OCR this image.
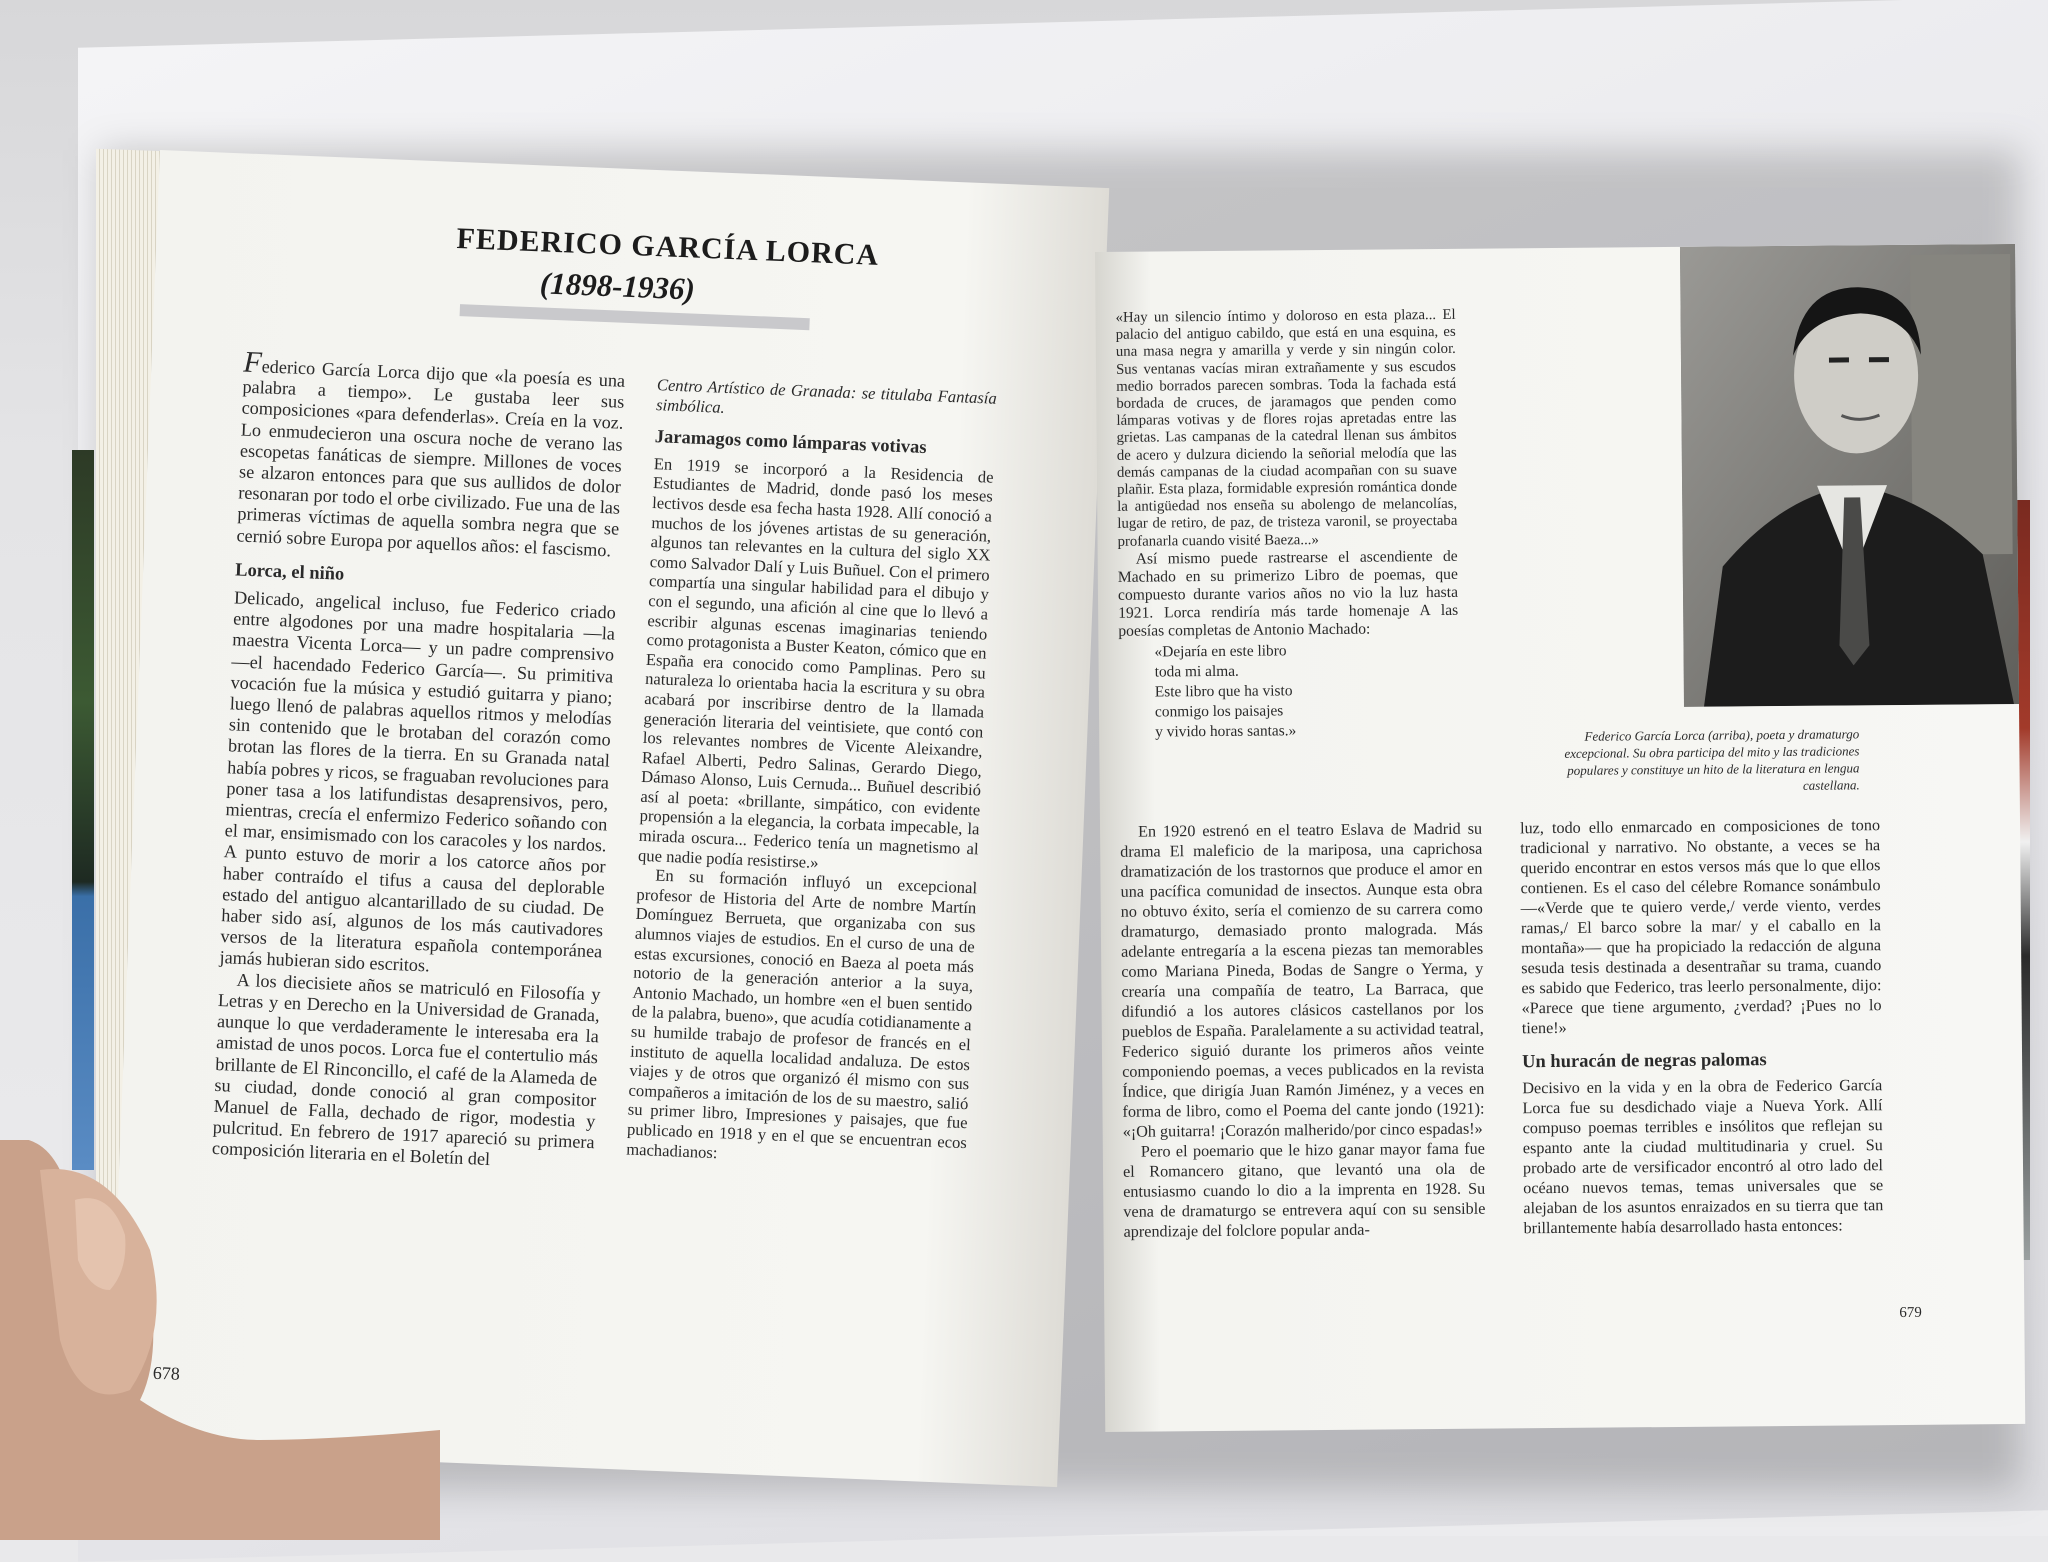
FEDERICO GARCÍA LORCA
(1898-1936)

Federico García Lorca dijo que «la poesía es una palabra a tiempo». Le gustaba leer sus composiciones «para defenderlas». Creía en la voz. Lo enmudecieron una oscura noche de verano las escopetas fanáticas de siempre. Millones de voces se alzaron entonces para que sus aullidos de dolor resonaran por todo el orbe civilizado. Fue una de las primeras víctimas de aquella sombra negra que se cernió sobre Europa por aquellos años: el fascismo.

Lorca, el niño

Delicado, angelical incluso, fue Federico criado entre algodones por una madre hospitalaria —la maestra Vicenta Lorca— y un padre comprensivo —el hacendado Federico García—. Su primitiva vocación fue la música y estudió guitarra y piano; luego llenó de palabras aquellos ritmos y melodías sin contenido que le brotaban del corazón como brotan las flores de la tierra. En su Granada natal había pobres y ricos, se fraguaban revoluciones para poner tasa a los latifundistas desaprensivos, pero, mientras, crecía el enfermizo Federico soñando con el mar, ensimismado con los caracoles y los nardos. A punto estuvo de morir a los catorce años por haber contraído el tifus a causa del deplorable estado del antiguo alcantarillado de su ciudad. De haber sido así, algunos de los más cautivadores versos de la literatura española contemporánea jamás hubieran sido escritos.

A los diecisiete años se matriculó en Filosofía y Letras y en Derecho en la Universidad de Granada, aunque lo que verdaderamente le interesaba era la amistad de unos pocos. Lorca fue el contertulio más brillante de El Rinconcillo, el café de la Alameda de su ciudad, donde conoció al gran compositor Manuel de Falla, dechado de rigor, modestia y pulcritud. En febrero de 1917 apareció su primera composición literaria en el Boletín del

Centro Artístico de Granada: se titulaba Fantasía simbólica.

Jaramagos como lámparas votivas

En 1919 se incorporó a la Residencia de Estudiantes de Madrid, donde pasó los meses lectivos desde esa fecha hasta 1928. Allí conoció a muchos de los jóvenes artistas de su generación, algunos tan relevantes en la cultura del siglo XX como Salvador Dalí y Luis Buñuel. Con el primero compartía una singular habilidad para el dibujo y con el segundo, una afición al cine que lo llevó a escribir algunas escenas imaginarias teniendo como protagonista a Buster Keaton, cómico que en España era conocido como Pamplinas. Pero su naturaleza lo orientaba hacia la escritura y su obra acabará por inscribirse dentro de la llamada generación literaria del veintisiete, que contó con los relevantes nombres de Vicente Aleixandre, Rafael Alberti, Pedro Salinas, Gerardo Diego, Dámaso Alonso, Luis Cernuda... Buñuel describió así al poeta: «brillante, simpático, con evidente propensión a la elegancia, la corbata impecable, la mirada oscura... Federico tenía un magnetismo al que nadie podía resistirse.»

En su formación influyó un excepcional profesor de Historia del Arte de nombre Martín Domínguez Berrueta, que organizaba con sus alumnos viajes de estudios. En el curso de una de estas excursiones, conoció en Baeza al poeta más notorio de la generación anterior a la suya, Antonio Machado, un hombre «en el buen sentido de la palabra, bueno», que acudía cotidianamente a su humilde trabajo de profesor de francés en el instituto de aquella localidad andaluza. De estos viajes y de otros que organizó él mismo con sus compañeros a imitación de los de su maestro, salió su primer libro, Impresiones y paisajes, que fue publicado en 1918 y en el que se encuentran ecos machadianos:

678

«Hay un silencio íntimo y doloroso en esta plaza... El palacio del antiguo cabildo, que está en una esquina, es una masa negra y amarilla y verde y sin ningún color. Sus ventanas vacías miran extrañamente y sus escudos medio borrados parecen sombras. Toda la fachada está bordada de cruces, de jaramagos que penden como lámparas votivas y de flores rojas apretadas entre las grietas. Las campanas de la catedral llenan sus ámbitos de acero y dulzura diciendo la señorial melodía que las demás campanas de la ciudad acompañan con su suave plañir. Esta plaza, formidable expresión romántica donde la antigüedad nos enseña su abolengo de melancolías, lugar de retiro, de paz, de tristeza varonil, se proyectaba profanarla cuando visité Baeza...»

Así mismo puede rastrearse el ascendiente de Machado en su primerizo Libro de poemas, que compuesto durante varios años no vio la luz hasta 1921. Lorca rendiría más tarde homenaje A las poesías completas de Antonio Machado:

«Dejaría en este libro
toda mi alma.
Este libro que ha visto
conmigo los paisajes
y vivido horas santas.»	Federico García Lorca (arriba), poeta y dramaturgo excepcional. Su obra participa del mito y las tradiciones populares y constituye un hito de la literatura en lengua castellana.

En 1920 estrenó en el teatro Eslava de Madrid su drama El maleficio de la mariposa, una caprichosa dramatización de los trastornos que produce el amor en una pacífica comunidad de insectos. Aunque esta obra no obtuvo éxito, sería el comienzo de su carrera como dramaturgo, demasiado pronto malograda. Más adelante entregaría a la escena piezas tan memorables como Mariana Pineda, Bodas de Sangre o Yerma, y crearía una compañía de teatro, La Barraca, que difundió a los autores clásicos castellanos por los pueblos de España. Paralelamente a su actividad teatral, Federico siguió durante los primeros años veinte componiendo poemas, a veces publicados en la revista Índice, que dirigía Juan Ramón Jiménez, y a veces en forma de libro, como el Poema del cante jondo (1921): «¡Oh guitarra! ¡Corazón malherido/por cinco espadas!»

Pero el poemario que le hizo ganar mayor fama fue el Romancero gitano, que levantó una ola de entusiasmo cuando lo dio a la imprenta en 1928. Su vena de dramaturgo se entrevera aquí con su sensible aprendizaje del folclore popular anda-

luz, todo ello enmarcado en composiciones de tono tradicional y narrativo. No obstante, a veces se ha querido encontrar en estos versos más que lo que ellos contienen. Es el caso del célebre Romance sonámbulo —«Verde que te quiero verde,/ verde viento, verdes ramas,/ El barco sobre la mar/ y el caballo en la montaña»— que ha propiciado la redacción de alguna sesuda tesis destinada a desentrañar su trama, cuando es sabido que Federico, tras leerlo personalmente, dijo: «Parece que tiene argumento, ¿verdad? ¡Pues no lo tiene!»

Un huracán de negras palomas

Decisivo en la vida y en la obra de Federico García Lorca fue su desdichado viaje a Nueva York. Allí compuso poemas terribles e insólitos que reflejan su espanto ante la ciudad multitudinaria y cruel. Su probado arte de versificador encontró al otro lado del océano nuevos temas, temas universales que se alejaban de los asuntos enraizados en su tierra que tan brillantemente había desarrollado hasta entonces:

679
